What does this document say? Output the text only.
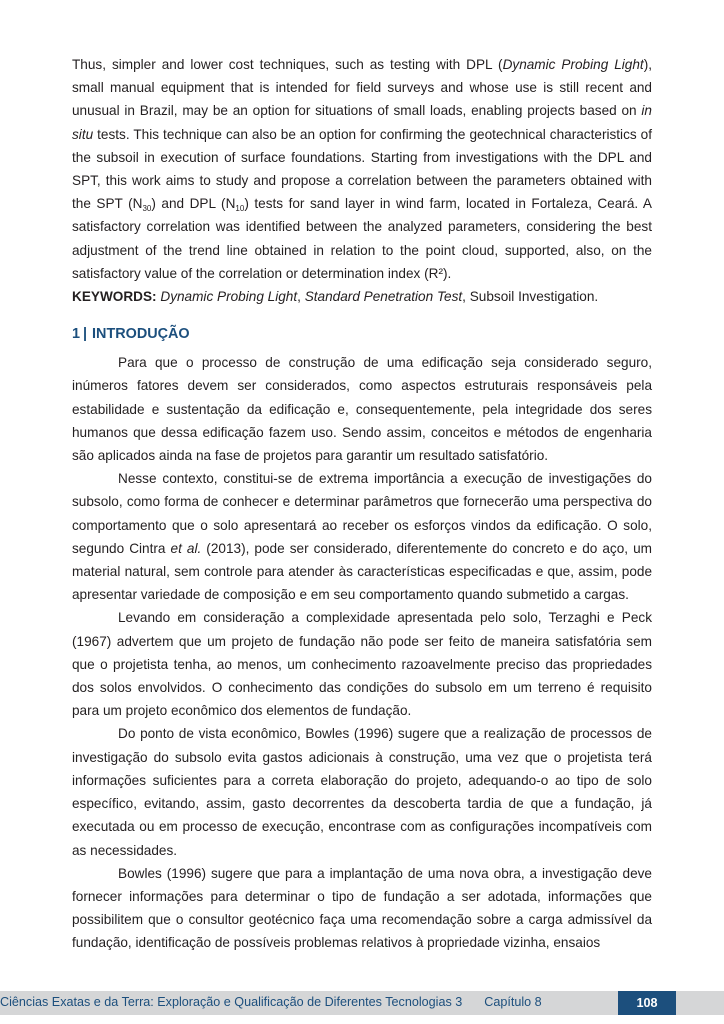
Thus, simpler and lower cost techniques, such as testing with DPL (Dynamic Probing Light), small manual equipment that is intended for field surveys and whose use is still recent and unusual in Brazil, may be an option for situations of small loads, enabling projects based on in situ tests. This technique can also be an option for confirming the geotechnical characteristics of the subsoil in execution of surface foundations. Starting from investigations with the DPL and SPT, this work aims to study and propose a correlation between the parameters obtained with the SPT $(N_{30})$ and DPL $(N_{10})$ tests for sand layer in wind farm, located in Fortaleza, Ceará. A satisfactory correlation was identified between the analyzed parameters, considering the best adjustment of the trend line obtained in relation to the point cloud, supported, also, on the satisfactory value of the correlation or determination index (R²).

KEYWORDS: Dynamic Probing Light, Standard Penetration Test, Subsoil Investigation.

1 | INTRODUÇÃO

Para que o processo de construção de uma edificação seja considerado seguro, inúmeros fatores devem ser considerados, como aspectos estruturais responsáveis pela estabilidade e sustentação da edificação e, consequentemente, pela integridade dos seres humanos que dessa edificação fazem uso. Sendo assim, conceitos e métodos de engenharia são aplicados ainda na fase de projetos para garantir um resultado satisfatório.

Nesse contexto, constitui-se de extrema importância a execução de investigações do subsolo, como forma de conhecer e determinar parâmetros que fornecerão uma perspectiva do comportamento que o solo apresentará ao receber os esforços vindos da edificação. O solo, segundo Cintra et al. (2013), pode ser considerado, diferentemente do concreto e do aço, um material natural, sem controle para atender às características especificadas e que, assim, pode apresentar variedade de composição e em seu comportamento quando submetido a cargas.

Levando em consideração a complexidade apresentada pelo solo, Terzaghi e Peck (1967) advertem que um projeto de fundação não pode ser feito de maneira satisfatória sem que o projetista tenha, ao menos, um conhecimento razoavelmente preciso das propriedades dos solos envolvidos. O conhecimento das condições do subsolo em um terreno é requisito para um projeto econômico dos elementos de fundação.

Do ponto de vista econômico, Bowles (1996) sugere que a realização de processos de investigação do subsolo evita gastos adicionais à construção, uma vez que o projetista terá informações suficientes para a correta elaboração do projeto, adequando-o ao tipo de solo específico, evitando, assim, gasto decorrentes da descoberta tardia de que a fundação, já executada ou em processo de execução, encontrase com as configurações incompatíveis com as necessidades.

Bowles (1996) sugere que para a implantação de uma nova obra, a investigação deve fornecer informações para determinar o tipo de fundação a ser adotada, informações que possibilitem que o consultor geotécnico faça uma recomendação sobre a carga admissível da fundação, identificação de possíveis problemas relativos à propriedade vizinha, ensaios

Ciências Exatas e da Terra: Exploração e Qualificação de Diferentes Tecnologias 3 Capítulo 8	108
